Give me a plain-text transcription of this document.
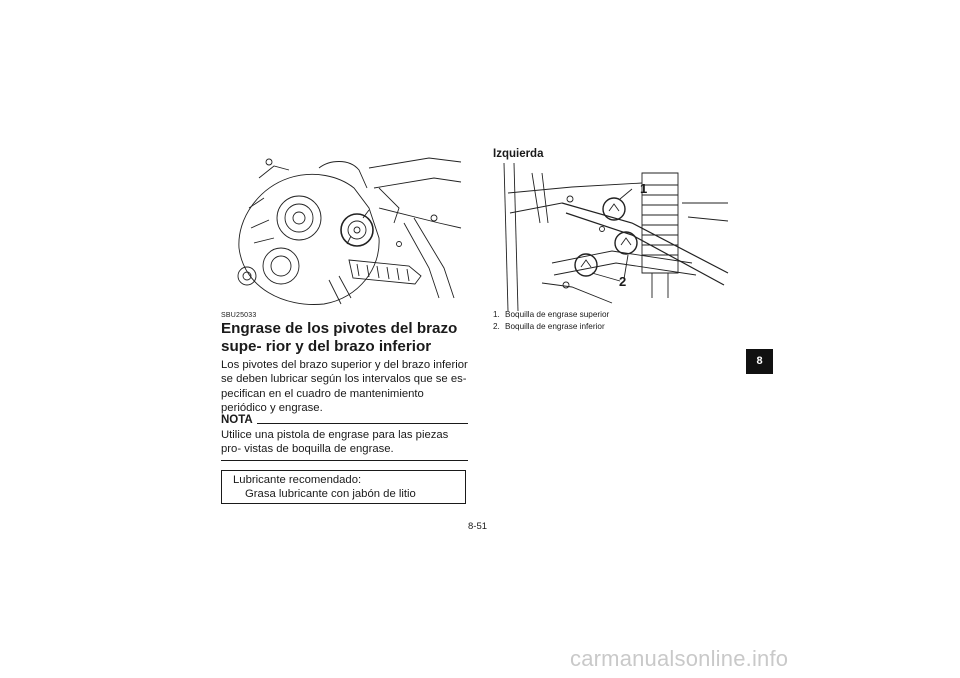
1
2
SBU25033
Engrase de los pivotes del brazo supe- rior y del brazo inferior
Los pivotes del brazo superior y del brazo inferior se deben lubricar según los intervalos que se es- pecifican en el cuadro de mantenimiento periódico y engrase.
NOTA
Utilice una pistola de engrase para las piezas pro- vistas de boquilla de engrase.
Lubricante recomendado:
Grasa lubricante con jabón de litio
Izquierda
1. Boquilla de engrase superior
2. Boquilla de engrase inferior
8-51
8
carmanualsonline.info
